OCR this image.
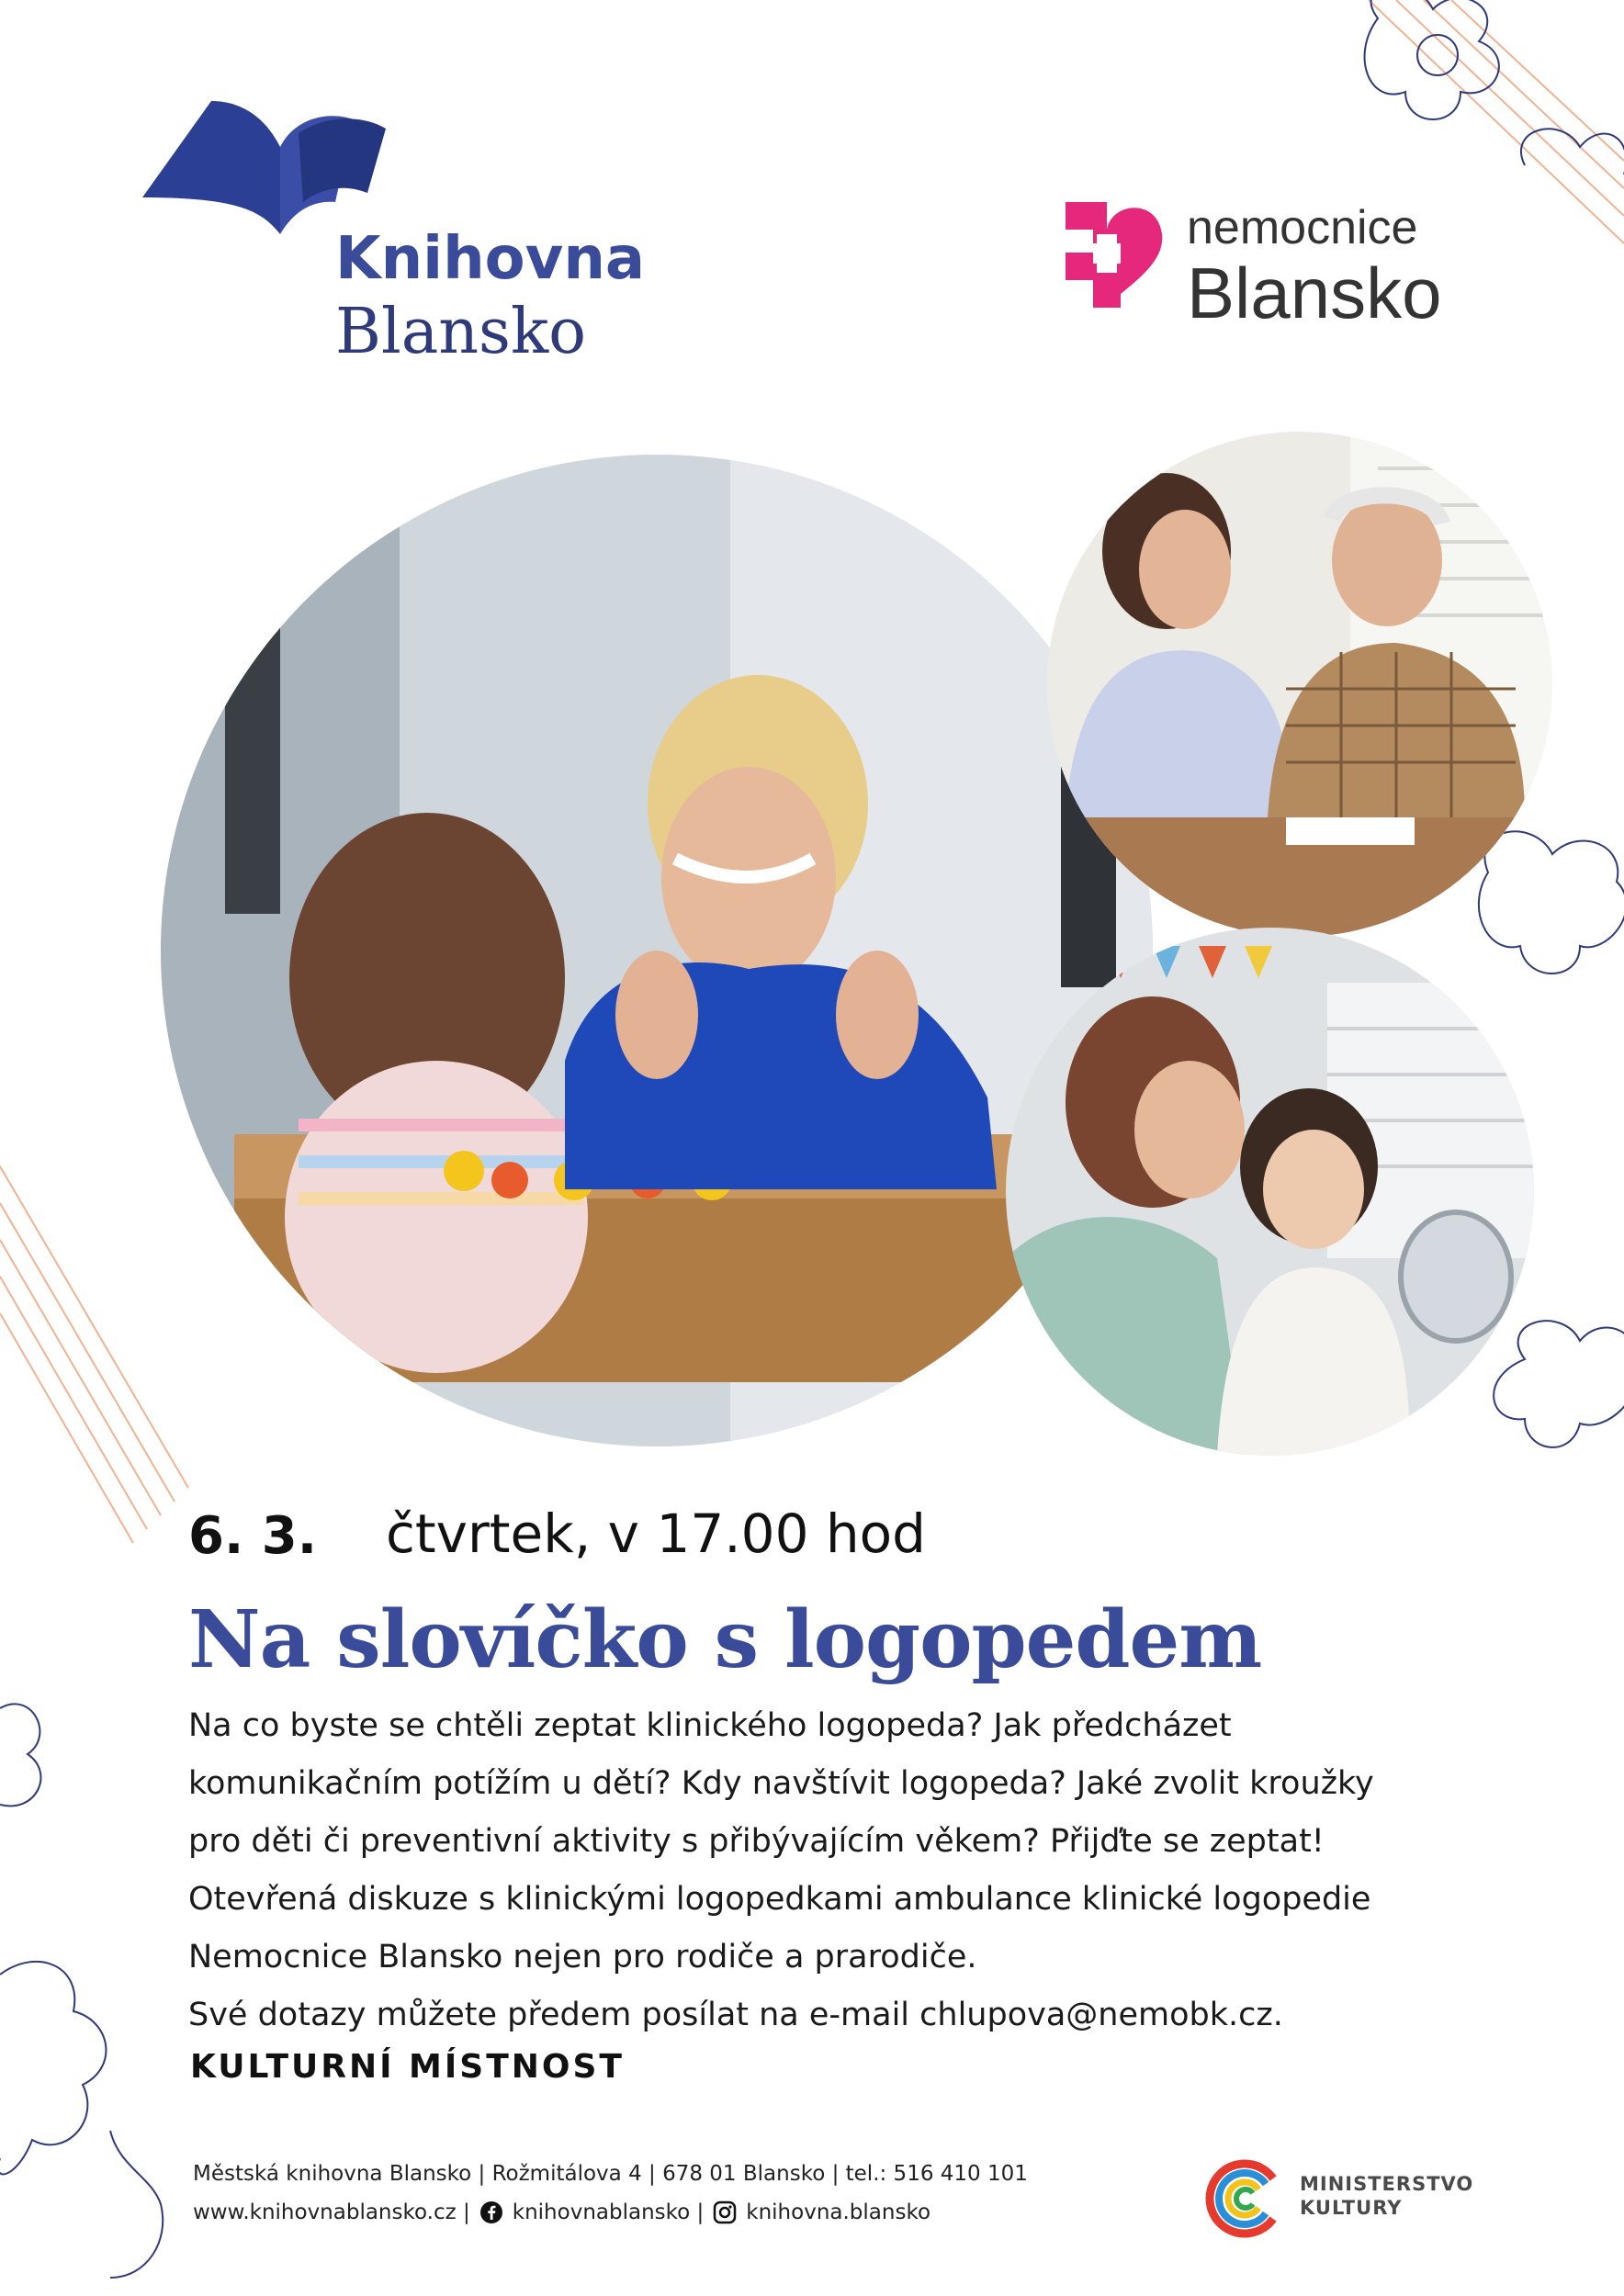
Knihovna
Blansko
nemocnice
Blansko
6. 3. čtvrtek, v 17.00 hod
Na slovíčko s logopedem
Na co byste se chtěli zeptat klinického logopeda? Jak předcházet
komunikačním potížím u dětí? Kdy navštívit logopeda? Jaké zvolit kroužky
pro děti či preventivní aktivity s přibývajícím věkem? Přijďte se zeptat!
Otevřená diskuze s klinickými logopedkami ambulance klinické logopedie
Nemocnice Blansko nejen pro rodiče a prarodiče.
Své dotazy můžete předem posílat na e-mail chlupova@nemobk.cz.
KULTURNÍ MÍSTNOST
Městská knihovna Blansko | Rožmitálova 4 | 678 01 Blansko | tel.: 516 410 101
www.knihovnablansko.cz | knihovnablansko | knihovna.blansko
MINISTERSTVO
KULTURY
